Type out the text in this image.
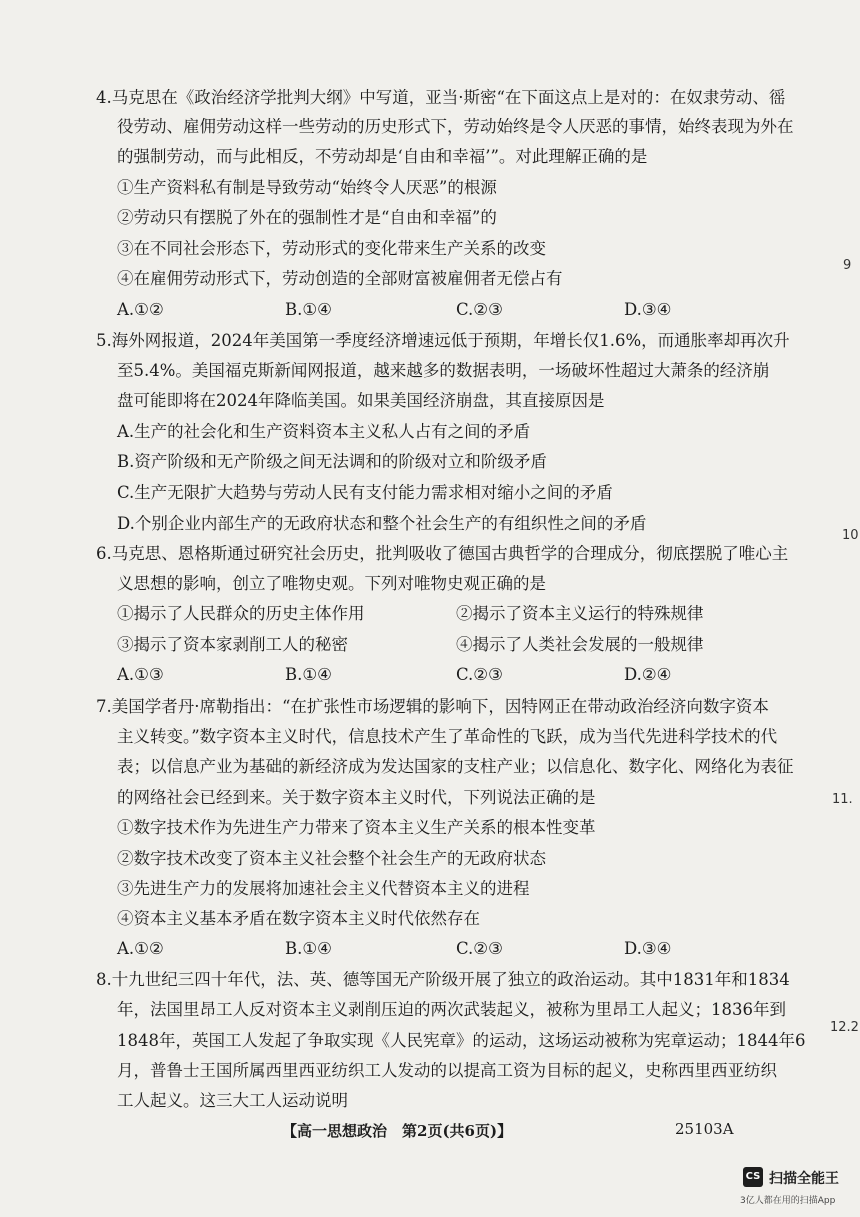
4.马克思在《政治经济学批判大纲》中写道，亚当·斯密“在下面这点上是对的：在奴隶劳动、徭
役劳动、雇佣劳动这样一些劳动的历史形式下，劳动始终是令人厌恶的事情，始终表现为外在
的强制劳动，而与此相反，不劳动却是‘自由和幸福’”。对此理解正确的是
①生产资料私有制是导致劳动“始终令人厌恶”的根源
②劳动只有摆脱了外在的强制性才是“自由和幸福”的
③在不同社会形态下，劳动形式的变化带来生产关系的改变
④在雇佣劳动形式下，劳动创造的全部财富被雇佣者无偿占有
A.①②	B.①④	C.②③	D.③④
5.海外网报道，2024年美国第一季度经济增速远低于预期，年增长仅1.6%，而通胀率却再次升
至5.4%。美国福克斯新闻网报道，越来越多的数据表明，一场破坏性超过大萧条的经济崩
盘可能即将在2024年降临美国。如果美国经济崩盘，其直接原因是
A.生产的社会化和生产资料资本主义私人占有之间的矛盾
B.资产阶级和无产阶级之间无法调和的阶级对立和阶级矛盾
C.生产无限扩大趋势与劳动人民有支付能力需求相对缩小之间的矛盾
D.个别企业内部生产的无政府状态和整个社会生产的有组织性之间的矛盾
6.马克思、恩格斯通过研究社会历史，批判吸收了德国古典哲学的合理成分，彻底摆脱了唯心主
义思想的影响，创立了唯物史观。下列对唯物史观正确的是
①揭示了人民群众的历史主体作用	②揭示了资本主义运行的特殊规律
③揭示了资本家剥削工人的秘密	④揭示了人类社会发展的一般规律
A.①③	B.①④	C.②③	D.②④
7.美国学者丹·席勒指出：“在扩张性市场逻辑的影响下，因特网正在带动政治经济向数字资本
主义转变。”数字资本主义时代，信息技术产生了革命性的飞跃，成为当代先进科学技术的代
表；以信息产业为基础的新经济成为发达国家的支柱产业；以信息化、数字化、网络化为表征
的网络社会已经到来。关于数字资本主义时代，下列说法正确的是
①数字技术作为先进生产力带来了资本主义生产关系的根本性变革
②数字技术改变了资本主义社会整个社会生产的无政府状态
③先进生产力的发展将加速社会主义代替资本主义的进程
④资本主义基本矛盾在数字资本主义时代依然存在
A.①②	B.①④	C.②③	D.③④
8.十九世纪三四十年代，法、英、德等国无产阶级开展了独立的政治运动。其中1831年和1834
年，法国里昂工人反对资本主义剥削压迫的两次武装起义，被称为里昂工人起义；1836年到
1848年，英国工人发起了争取实现《人民宪章》的运动，这场运动被称为宪章运动；1844年6
月，普鲁士王国所属西里西亚纺织工人发动的以提高工资为目标的起义，史称西里西亚纺织
工人起义。这三大工人运动说明
9
10
11.
12.2
【高一思想政治　第2页(共6页)】	25103A
CS 扫描全能王
3亿人都在用的扫描App
